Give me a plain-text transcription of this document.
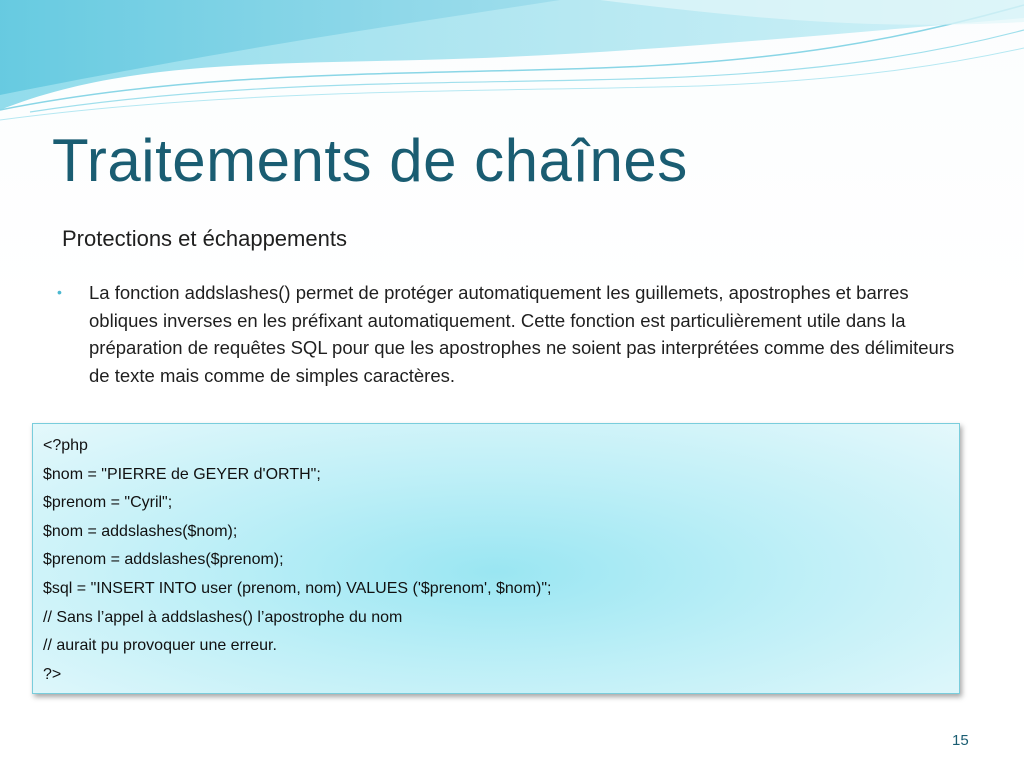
Traitements de chaînes
Protections et échappements
• La fonction addslashes() permet de protéger automatiquement les guillemets, apostrophes et barres obliques inverses en les préfixant automatiquement. Cette fonction est particulièrement utile dans la préparation de requêtes SQL pour que les apostrophes ne soient pas interprétées comme des délimiteurs de texte mais comme de simples caractères.
<?php
$nom = "PIERRE de GEYER d'ORTH";
$prenom = "Cyril";
$nom = addslashes($nom);
$prenom = addslashes($prenom);
$sql = "INSERT INTO user (prenom, nom) VALUES ('$prenom', $nom)";
// Sans l’appel à addslashes() l’apostrophe du nom
// aurait pu provoquer une erreur.
?>
15
